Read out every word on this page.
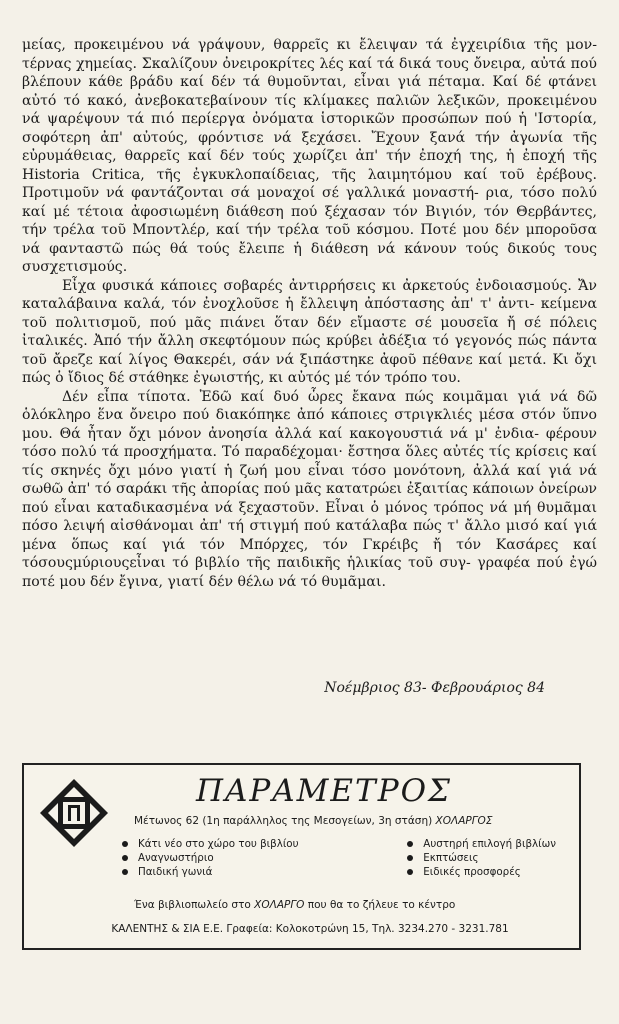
μείας, προκειμένου νά γράψουν, θαρρεῖς κι ἔλειψαν τά ἐγχειρίδια τῆς μον- τέρνας χημείας. Σκαλίζουν ὀνειροκρίτες λές καί τά δικά τους ὄνειρα, αὐτά πού βλέπουν κάθε βράδυ καί δέν τά θυμοῦνται, εἶναι γιά πέταμα. Καί δέ φτάνει αὐτό τό κακό, ἀνεβοκατεβαίνουν τίς κλίμακες παλιῶν λεξικῶν, προκειμένου νά ψαρέψουν τά πιό περίεργα ὀνόματα ἱστορικῶν προσώπων πού ἡ 'Ιστορία, σοφότερη ἀπ' αὐτούς, φρόντισε νά ξεχάσει. Ἔχουν ξανά τήν ἀγωνία τῆς εὐρυμάθειας, θαρρεῖς καί δέν τούς χωρίζει ἀπ' τήν ἐποχή της, ἡ ἐποχή τῆς Historia Critica, τῆς ἐγκυκλοπαίδειας, τῆς λαιμητόμου καί τοῦ ἐρέβους. Προτιμοῦν νά φαντάζονται σά μοναχοί σέ γαλλικά μοναστή- ρια, τόσο πολύ καί μέ τέτοια ἀφοσιωμένη διάθεση πού ξέχασαν τόν Βιγιόν, τόν Θερβάντες, τήν τρέλα τοῦ Μποντλέρ, καί τήν τρέλα τοῦ κόσμου. Ποτέ μου δέν μποροῦσα νά φανταστῶ πώς θά τούς ἔλειπε ἡ διάθεση νά κάνουν τούς δικούς τους συσχετισμούς.

Εἶχα φυσικά κάποιες σοβαρές ἀντιρρήσεις κι ἀρκετούς ἐνδοιασμούς. Ἄν καταλάβαινα καλά, τόν ἐνοχλοῦσε ἡ ἔλλειψη ἀπόστασης ἀπ' τ' ἀντι- κείμενα τοῦ πολιτισμοῦ, πού μᾶς πιάνει ὅταν δέν εἴμαστε σέ μουσεῖα ἤ σέ πόλεις ἰταλικές. Ἀπό τήν ἄλλη σκεφτόμουν πώς κρύβει ἀδέξια τό γεγονός πώς πάντα τοῦ ἄρεζε καί λίγος Θακερέι, σάν νά ξιπάστηκε ἀφοῦ πέθανε καί μετά. Κι ὄχι πώς ὁ ἴδιος δέ στάθηκε ἐγωιστής, κι αὐτός μέ τόν τρόπο του.

Δέν εἶπα τίποτα. Ἐδῶ καί δυό ὧρες ἔκανα πώς κοιμᾶμαι γιά νά δῶ ὁλόκληρο ἕνα ὄνειρο πού διακόπηκε ἀπό κάποιες στριγκλιές μέσα στόν ὕπνο μου. Θά ἦταν ὄχι μόνον ἀνοησία ἀλλά καί κακογουστιά νά μ' ἐνδια- φέρουν τόσο πολύ τά προσχήματα. Τό παραδέχομαι· ἔστησα ὅλες αὐτές τίς κρίσεις καί τίς σκηνές ὄχι μόνο γιατί ἡ ζωή μου εἶναι τόσο μονότονη, ἀλλά καί γιά νά σωθῶ ἀπ' τό σαράκι τῆς ἀπορίας πού μᾶς κατατρώει ἐξαιτίας κάποιων ὀνείρων πού εἶναι καταδικασμένα νά ξεχαστοῦν. Εἶναι ὁ μόνος τρόπος νά μή θυμᾶμαι πόσο λειψή αἰσθάνομαι ἀπ' τή στιγμή πού κατάλαβα πώς τ' ἄλλο μισό καί γιά μένα ὅπως καί γιά τόν Μπόρχες, τόν Γκρέιβς ἤ τόν Κασάρες καί τόσουςμύριουςεἶναι τό βιβλίο τῆς παιδικῆς ἡλικίας τοῦ συγ- γραφέα πού ἐγώ ποτέ μου δέν ἔγινα, γιατί δέν θέλω νά τό θυμᾶμαι.

Νοέμβριος 83- Φεβρουάριος 84
ΠΑΡΑΜΕΤΡΟΣ
Μέτωνος 62 (1η παράλληλος της Μεσογείων, 3η στάση) ΧΟΛΑΡΓΟΣ
Κάτι νέο στο χώρο του βιβλίου
Αναγνωστήριο
Παιδική γωνιά
Αυστηρή επιλογή βιβλίων
Εκπτώσεις
Ειδικές προσφορές
Ένα βιβλιοπωλείο στο ΧΟΛΑΡΓΟ που θα το ζήλευε το κέντρο
ΚΑΛΕΝΤΗΣ & ΣΙΑ Ε.Ε. Γραφεία: Κολοκοτρώνη 15, Τηλ. 3234.270 - 3231.781
